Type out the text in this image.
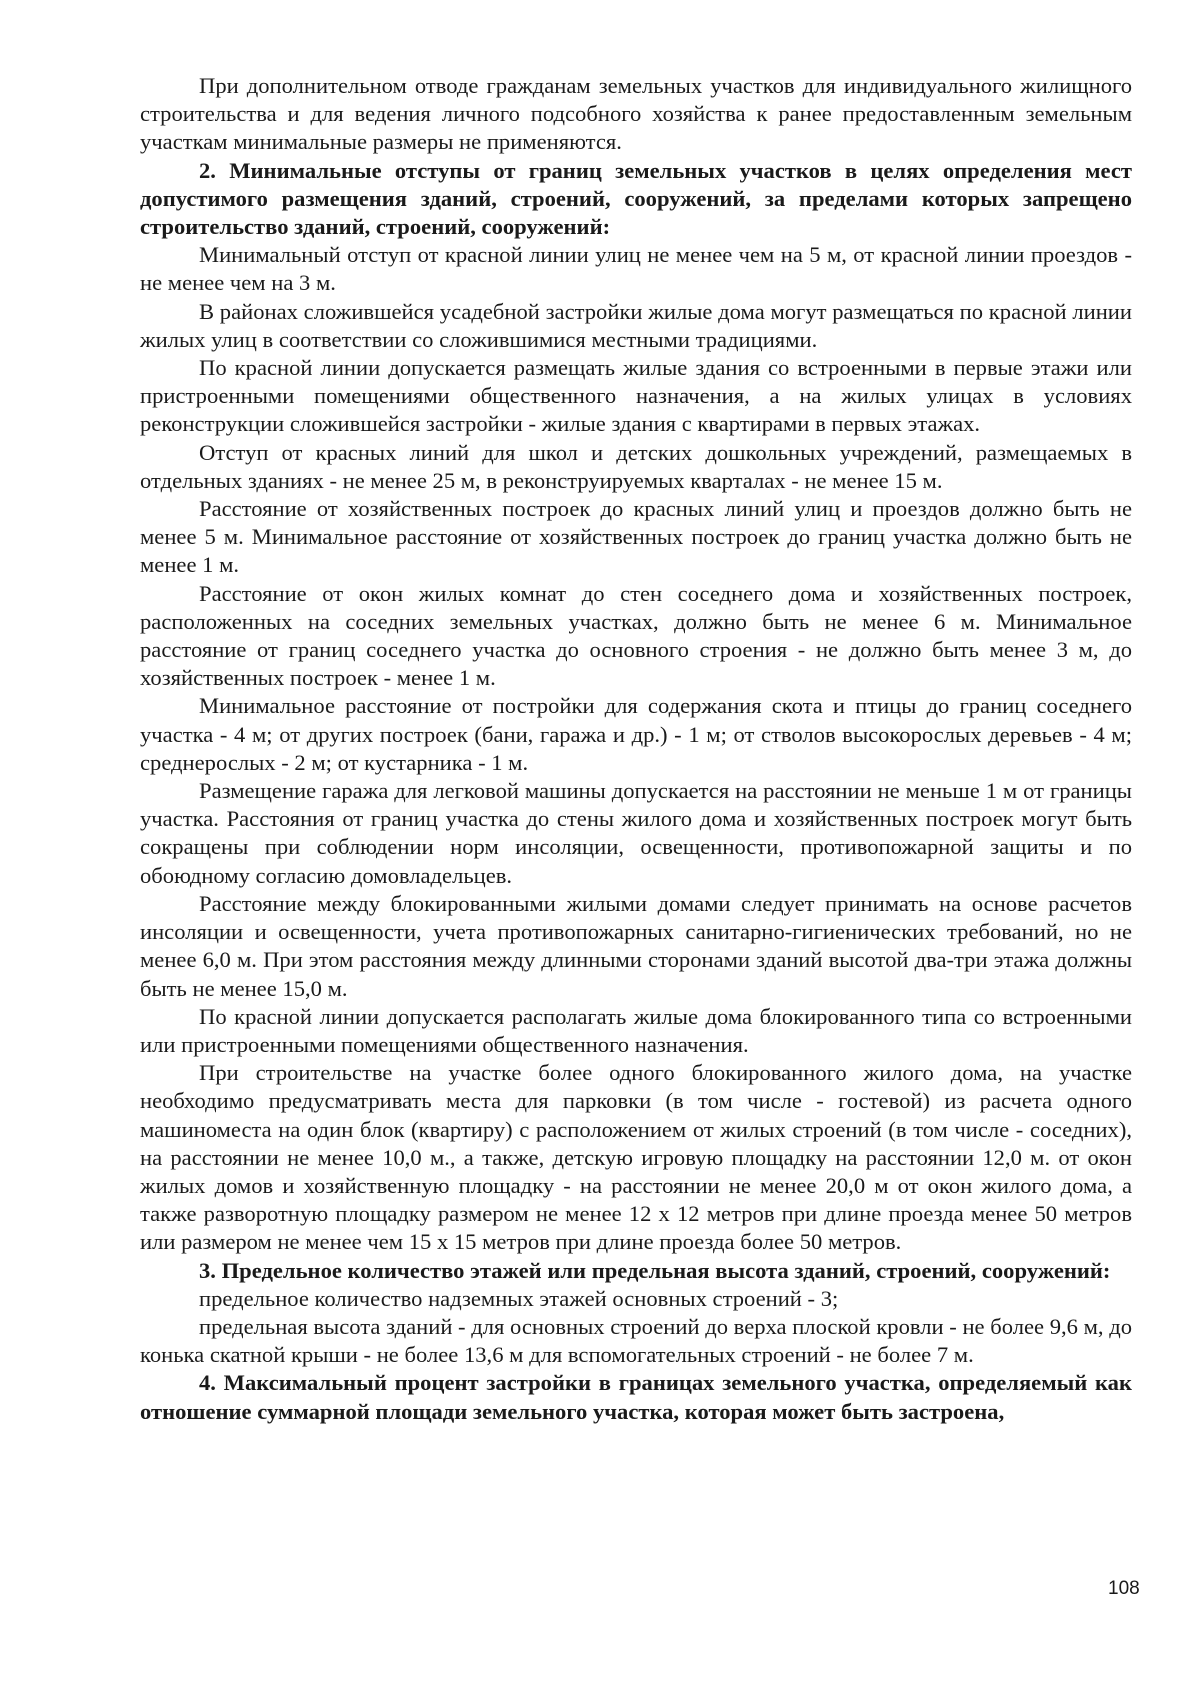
При дополнительном отводе гражданам земельных участков для индивидуального жилищного строительства и для ведения личного подсобного хозяйства к ранее предоставленным земельным участкам минимальные размеры не применяются.

2. Минимальные отступы от границ земельных участков в целях определения мест допустимого размещения зданий, строений, сооружений, за пределами которых запрещено строительство зданий, строений, сооружений:

Минимальный отступ от красной линии улиц не менее чем на 5 м, от красной линии проездов - не менее чем на 3 м.

В районах сложившейся усадебной застройки жилые дома могут размещаться по красной линии жилых улиц в соответствии со сложившимися местными традициями.

По красной линии допускается размещать жилые здания со встроенными в первые этажи или пристроенными помещениями общественного назначения, а на жилых улицах в условиях реконструкции сложившейся застройки - жилые здания с квартирами в первых этажах.

Отступ от красных линий для школ и детских дошкольных учреждений, размещаемых в отдельных зданиях - не менее 25 м, в реконструируемых кварталах - не менее 15 м.

Расстояние от хозяйственных построек до красных линий улиц и проездов должно быть не менее 5 м. Минимальное расстояние от хозяйственных построек до границ участка должно быть не менее 1 м.

Расстояние от окон жилых комнат до стен соседнего дома и хозяйственных построек, расположенных на соседних земельных участках, должно быть не менее 6 м. Минимальное расстояние от границ соседнего участка до основного строения - не должно быть менее 3 м, до хозяйственных построек - менее 1 м.

Минимальное расстояние от постройки для содержания скота и птицы до границ соседнего участка - 4 м; от других построек (бани, гаража и др.) - 1 м; от стволов высокорослых деревьев - 4 м; среднерослых - 2 м; от кустарника - 1 м.

Размещение гаража для легковой машины допускается на расстоянии не меньше 1 м от границы участка. Расстояния от границ участка до стены жилого дома и хозяйственных построек могут быть сокращены при соблюдении норм инсоляции, освещенности, противопожарной защиты и по обоюдному согласию домовладельцев.

Расстояние между блокированными жилыми домами следует принимать на основе расчетов инсоляции и освещенности, учета противопожарных санитарно-гигиенических требований, но не менее 6,0 м. При этом расстояния между длинными сторонами зданий высотой два-три этажа должны быть не менее 15,0 м.

По красной линии допускается располагать жилые дома блокированного типа со встроенными или пристроенными помещениями общественного назначения.

При строительстве на участке более одного блокированного жилого дома, на участке необходимо предусматривать места для парковки (в том числе - гостевой) из расчета одного машиноместа на один блок (квартиру) с расположением от жилых строений (в том числе - соседних), на расстоянии не менее 10,0 м., а также, детскую игровую площадку на расстоянии 12,0 м. от окон жилых домов и хозяйственную площадку - на расстоянии не менее 20,0 м от окон жилого дома, а также разворотную площадку размером не менее 12 x 12 метров при длине проезда менее 50 метров или размером не менее чем 15 x 15 метров при длине проезда более 50 метров.

3. Предельное количество этажей или предельная высота зданий, строений, сооружений:

предельное количество надземных этажей основных строений - 3;

предельная высота зданий - для основных строений до верха плоской кровли - не более 9,6 м, до конька скатной крыши - не более 13,6 м для вспомогательных строений - не более 7 м.

4. Максимальный процент застройки в границах земельного участка, определяемый как отношение суммарной площади земельного участка, которая может быть застроена,

108
